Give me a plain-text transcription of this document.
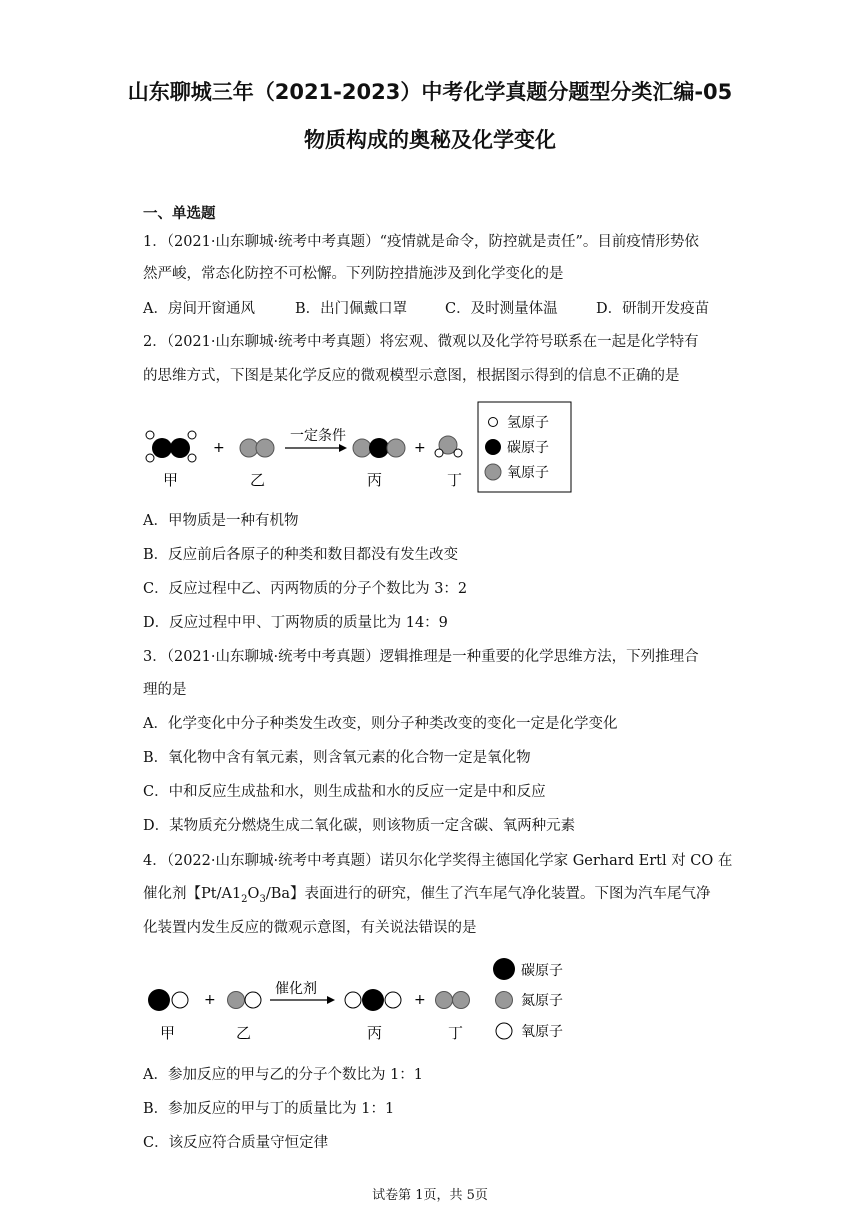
山东聊城三年（2021-2023）中考化学真题分题型分类汇编-05
物质构成的奥秘及化学变化
一、单选题
1．（2021·山东聊城·统考中考真题）“疫情就是命令，防控就是责任”。目前疫情形势依
然严峻，常态化防控不可松懈。下列防控措施涉及到化学变化的是
A．房间开窗通风	B．出门佩戴口罩	C．及时测量体温	D．研制开发疫苗
2．（2021·山东聊城·统考中考真题）将宏观、微观以及化学符号联系在一起是化学特有
的思维方式，下图是某化学反应的微观模型示意图，根据图示得到的信息不正确的是
甲
+
乙
一定条件
丙
+
丁
氢原子
碳原子
氧原子
A．甲物质是一种有机物
B．反应前后各原子的种类和数目都没有发生改变
C．反应过程中乙、丙两物质的分子个数比为 3：2
D．反应过程中甲、丁两物质的质量比为 14：9
3．（2021·山东聊城·统考中考真题）逻辑推理是一种重要的化学思维方法，下列推理合
理的是
A．化学变化中分子种类发生改变，则分子种类改变的变化一定是化学变化
B．氧化物中含有氧元素，则含氧元素的化合物一定是氧化物
C．中和反应生成盐和水，则生成盐和水的反应一定是中和反应
D．某物质充分燃烧生成二氧化碳，则该物质一定含碳、氧两种元素
4．（2022·山东聊城·统考中考真题）诺贝尔化学奖得主德国化学家 Gerhard Ertl 对 CO 在
催化剂【$Pt/A1_2O_3/Ba$】表面进行的研究，催生了汽车尾气净化装置。下图为汽车尾气净
化装置内发生反应的微观示意图，有关说法错误的是
甲
+
乙
催化剂
丙
+
丁
碳原子
氮原子
氧原子
A．参加反应的甲与乙的分子个数比为 1：1
B．参加反应的甲与丁的质量比为 1：1
C．该反应符合质量守恒定律
试卷第 1页，共 5页
